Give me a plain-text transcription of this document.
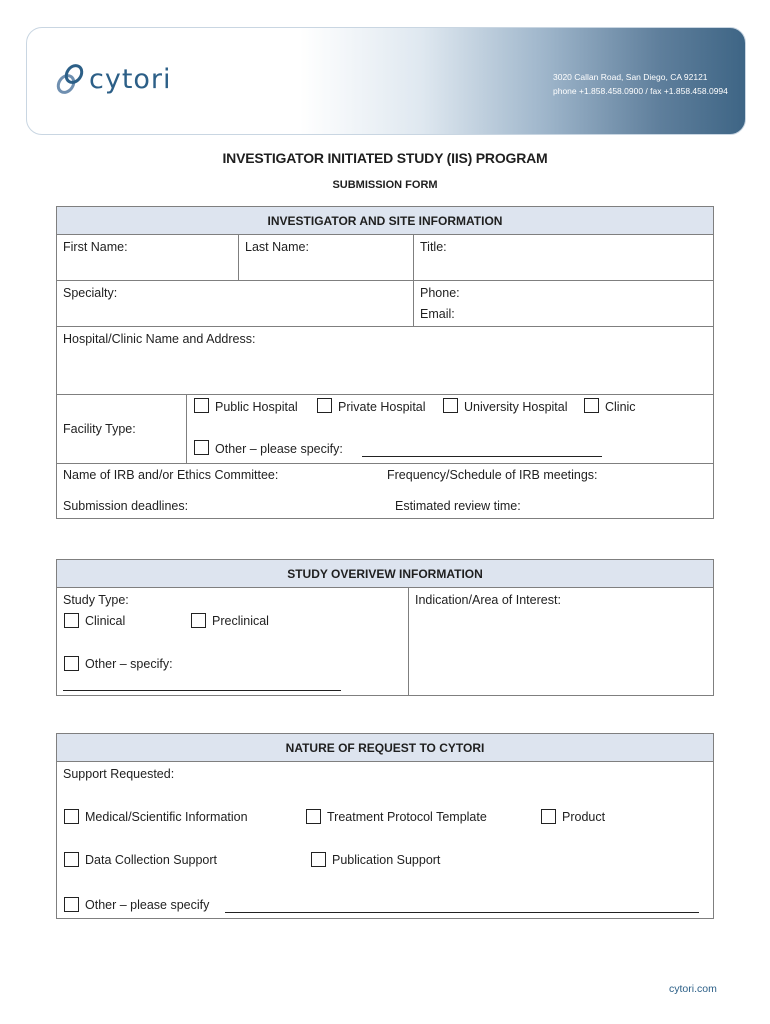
cytori	3020 Callan Road, San Diego, CA 92121
phone +1.858.458.0900 / fax +1.858.458.0994
INVESTIGATOR INITIATED STUDY (IIS) PROGRAM
SUBMISSION FORM
INVESTIGATOR AND SITE INFORMATION
First Name:	Last Name:	Title:
Specialty:	Phone:
Email:
Hospital/Clinic Name and Address:
Facility Type:
Public Hospital	Private Hospital	University Hospital	Clinic
Other – please specify:
Name of IRB and/or Ethics Committee:	Frequency/Schedule of IRB meetings:
Submission deadlines:	Estimated review time:
STUDY OVERIVEW INFORMATION
Study Type:
Clinical	Preclinical
Other – specify:
Indication/Area of Interest:
NATURE OF REQUEST TO CYTORI
Support Requested:
Medical/Scientific Information	Treatment Protocol Template	Product
Data Collection Support	Publication Support
Other – please specify
cytori.com
